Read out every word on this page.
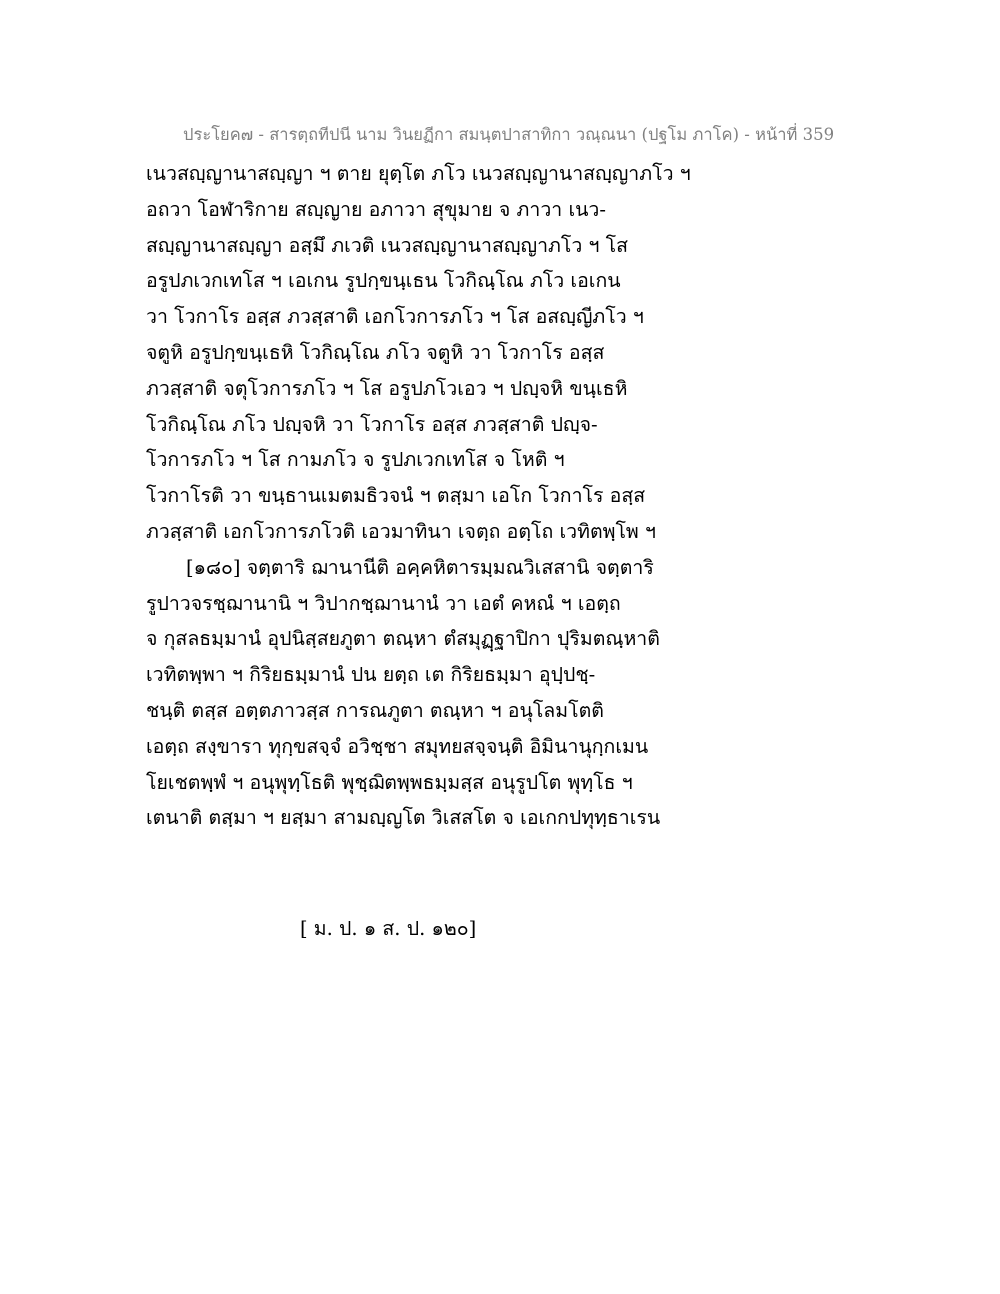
ประโยค๗ - สารตฺถทีปนี นาม วินยฏีกา สมนฺตปาสาทิกา วณฺณนา (ปฐโม ภาโค) - หน้าที่ 359
เนวสญฺญานาสญฺญา ฯ ตาย ยุตฺโต ภโว เนวสญฺญานาสญฺญาภโว ฯ
อถวา โอฬาริกาย สญฺญาย อภาวา สุขุมาย จ ภาวา เนว-
สญฺญานาสญฺญา อสฺมึ ภเวติ เนวสญฺญานาสญฺญาภโว ฯ โส
อรูปภเวกเทโส ฯ เอเกน รูปกฺขนฺเธน โวกิณฺโณ ภโว เอเกน
วา โวกาโร อสฺส ภวสฺสาติ เอกโวการภโว ฯ โส อสญฺญีภโว ฯ
จตูหิ อรูปกฺขนฺเธหิ โวกิณฺโณ ภโว จตูหิ วา โวกาโร อสฺส
ภวสฺสาติ จตุโวการภโว ฯ โส อรูปภโวเอว ฯ ปญฺจหิ ขนฺเธหิ
โวกิณฺโณ ภโว ปญฺจหิ วา โวกาโร อสฺส ภวสฺสาติ ปญฺจ-
โวการภโว ฯ โส กามภโว จ รูปภเวกเทโส จ โหติ ฯ
โวกาโรติ วา ขนฺธานเมตมธิวจนํ ฯ ตสฺมา เอโก โวกาโร อสฺส
ภวสฺสาติ เอกโวการภโวติ เอวมาทินา เจตฺถ อตฺโถ เวทิตพฺโพ ฯ
[๑๘๐] จตฺตาริ ฌานานีติ อคฺคหิตารมฺมณวิเสสานิ จตฺตาริ
รูปาวจรชฺฌานานิ ฯ วิปากชฺฌานานํ วา เอตํ คหณํ ฯ เอตฺถ
จ กุสลธมฺมานํ อุปนิสฺสยภูตา ตณฺหา ตํสมุฏฺฐาปิกา ปุริมตณฺหาติ
เวทิตพฺพา ฯ กิริยธมฺมานํ ปน ยตฺถ เต กิริยธมฺมา อุปฺปชฺ-
ชนฺติ ตสฺส อตฺตภาวสฺส การณภูตา ตณฺหา ฯ อนุโลมโตติ
เอตฺถ สงฺขารา ทุกฺขสจฺจํ อวิชฺชา สมุทยสจฺจนฺติ อิมินานุกฺกเมน
โยเชตพฺพํ ฯ อนุพุทฺโธติ พุชฺฌิตพฺพธมฺมสฺส อนุรูปโต พุทฺโธ ฯ
เตนาติ ตสฺมา ฯ ยสฺมา สามญฺญโต วิเสสโต จ เอเกกปทุทฺธาเรน
[ ม. ป. ๑ ส. ป. ๑๒๐]
